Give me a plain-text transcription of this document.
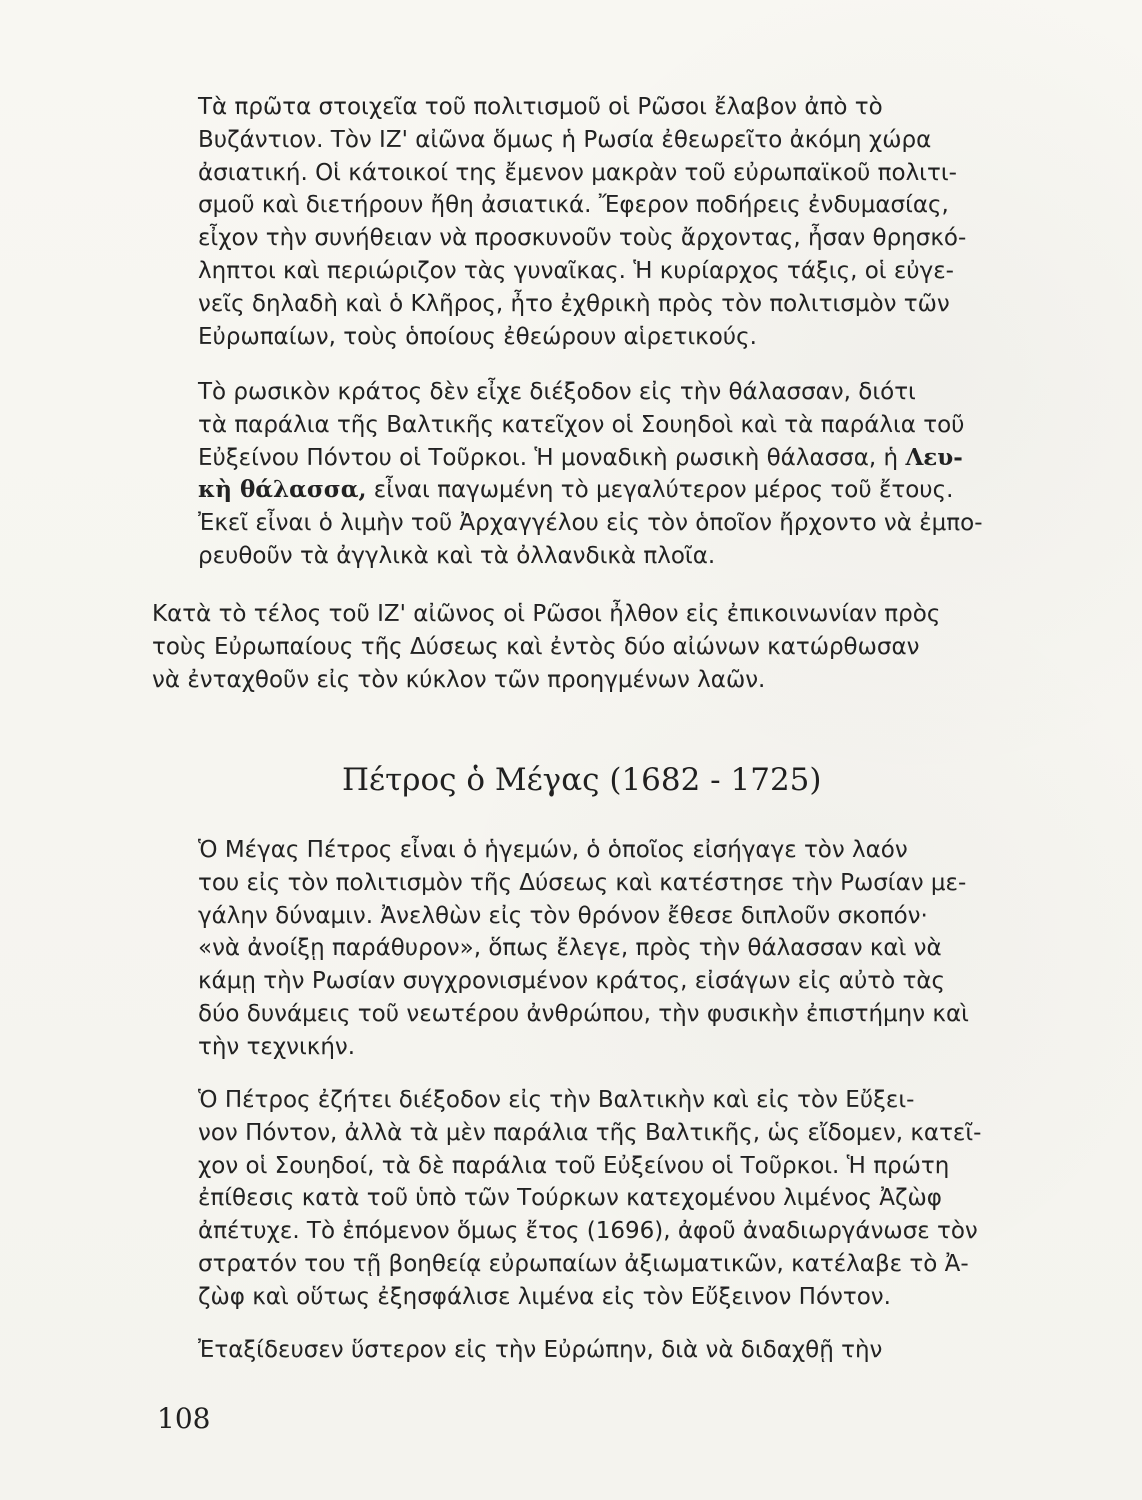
Τὰ πρῶτα στοιχεῖα τοῦ πολιτισμοῦ οἱ Ρῶσοι ἔλαβον ἀπὸ τὸ
Βυζάντιον. Τὸν ΙΖ' αἰῶνα ὅμως ἡ Ρωσία ἐθεωρεῖτο ἀκόμη χώρα
ἀσιατική. Οἱ κάτοικοί της ἔμενον μακρὰν τοῦ εὐρωπαϊκοῦ πολιτι-
σμοῦ καὶ διετήρουν ἤθη ἀσιατικά. Ἔφερον ποδήρεις ἐνδυμασίας,
εἶχον τὴν συνήθειαν νὰ προσκυνοῦν τοὺς ἄρχοντας, ἦσαν θρησκό-
ληπτοι καὶ περιώριζον τὰς γυναῖκας. Ἡ κυρίαρχος τάξις, οἱ εὐγε-
νεῖς δηλαδὴ καὶ ὁ Κλῆρος, ἦτο ἐχθρικὴ πρὸς τὸν πολιτισμὸν τῶν
Εὐρωπαίων, τοὺς ὁποίους ἐθεώρουν αἱρετικούς.

Τὸ ρωσικὸν κράτος δὲν εἶχε διέξοδον εἰς τὴν θάλασσαν, διότι
τὰ παράλια τῆς Βαλτικῆς κατεῖχον οἱ Σουηδοὶ καὶ τὰ παράλια τοῦ
Εὐξείνου Πόντου οἱ Τοῦρκοι. Ἡ μοναδικὴ ρωσικὴ θάλασσα, ἡ Λευ-
κὴ θάλασσα, εἶναι παγωμένη τὸ μεγαλύτερον μέρος τοῦ ἔτους.
Ἐκεῖ εἶναι ὁ λιμὴν τοῦ Ἀρχαγγέλου εἰς τὸν ὁποῖον ἤρχοντο νὰ ἐμπο-
ρευθοῦν τὰ ἀγγλικὰ καὶ τὰ ὀλλανδικὰ πλοῖα.

Κατὰ τὸ τέλος τοῦ ΙΖ' αἰῶνος οἱ Ρῶσοι ἦλθον εἰς ἐπικοινωνίαν πρὸς
τοὺς Εὐρωπαίους τῆς Δύσεως καὶ ἐντὸς δύο αἰώνων κατώρθωσαν
νὰ ἐνταχθοῦν εἰς τὸν κύκλον τῶν προηγμένων λαῶν.

Πέτρος ὁ Μέγας (1682 - 1725)

Ὁ Μέγας Πέτρος εἶναι ὁ ἡγεμών, ὁ ὁποῖος εἰσήγαγε τὸν λαόν
του εἰς τὸν πολιτισμὸν τῆς Δύσεως καὶ κατέστησε τὴν Ρωσίαν με-
γάλην δύναμιν. Ἀνελθὼν εἰς τὸν θρόνον ἔθεσε διπλοῦν σκοπόν·
«νὰ ἀνοίξῃ παράθυρον», ὅπως ἔλεγε, πρὸς τὴν θάλασσαν καὶ νὰ
κάμῃ τὴν Ρωσίαν συγχρονισμένον κράτος, εἰσάγων εἰς αὐτὸ τὰς
δύο δυνάμεις τοῦ νεωτέρου ἀνθρώπου, τὴν φυσικὴν ἐπιστήμην καὶ
τὴν τεχνικήν.

Ὁ Πέτρος ἐζήτει διέξοδον εἰς τὴν Βαλτικὴν καὶ εἰς τὸν Εὔξει-
νον Πόντον, ἀλλὰ τὰ μὲν παράλια τῆς Βαλτικῆς, ὡς εἴδομεν, κατεῖ-
χον οἱ Σουηδοί, τὰ δὲ παράλια τοῦ Εὐξείνου οἱ Τοῦρκοι. Ἡ πρώτη
ἐπίθεσις κατὰ τοῦ ὑπὸ τῶν Τούρκων κατεχομένου λιμένος Ἀζὼφ
ἀπέτυχε. Τὸ ἑπόμενον ὅμως ἔτος (1696), ἀφοῦ ἀναδιωργάνωσε τὸν
στρατόν του τῇ βοηθείᾳ εὐρωπαίων ἀξιωματικῶν, κατέλαβε τὸ Ἀ-
ζὼφ καὶ οὕτως ἐξησφάλισε λιμένα εἰς τὸν Εὔξεινον Πόντον.

Ἐταξίδευσεν ὕστερον εἰς τὴν Εὐρώπην, διὰ νὰ διδαχθῇ τὴν

108
